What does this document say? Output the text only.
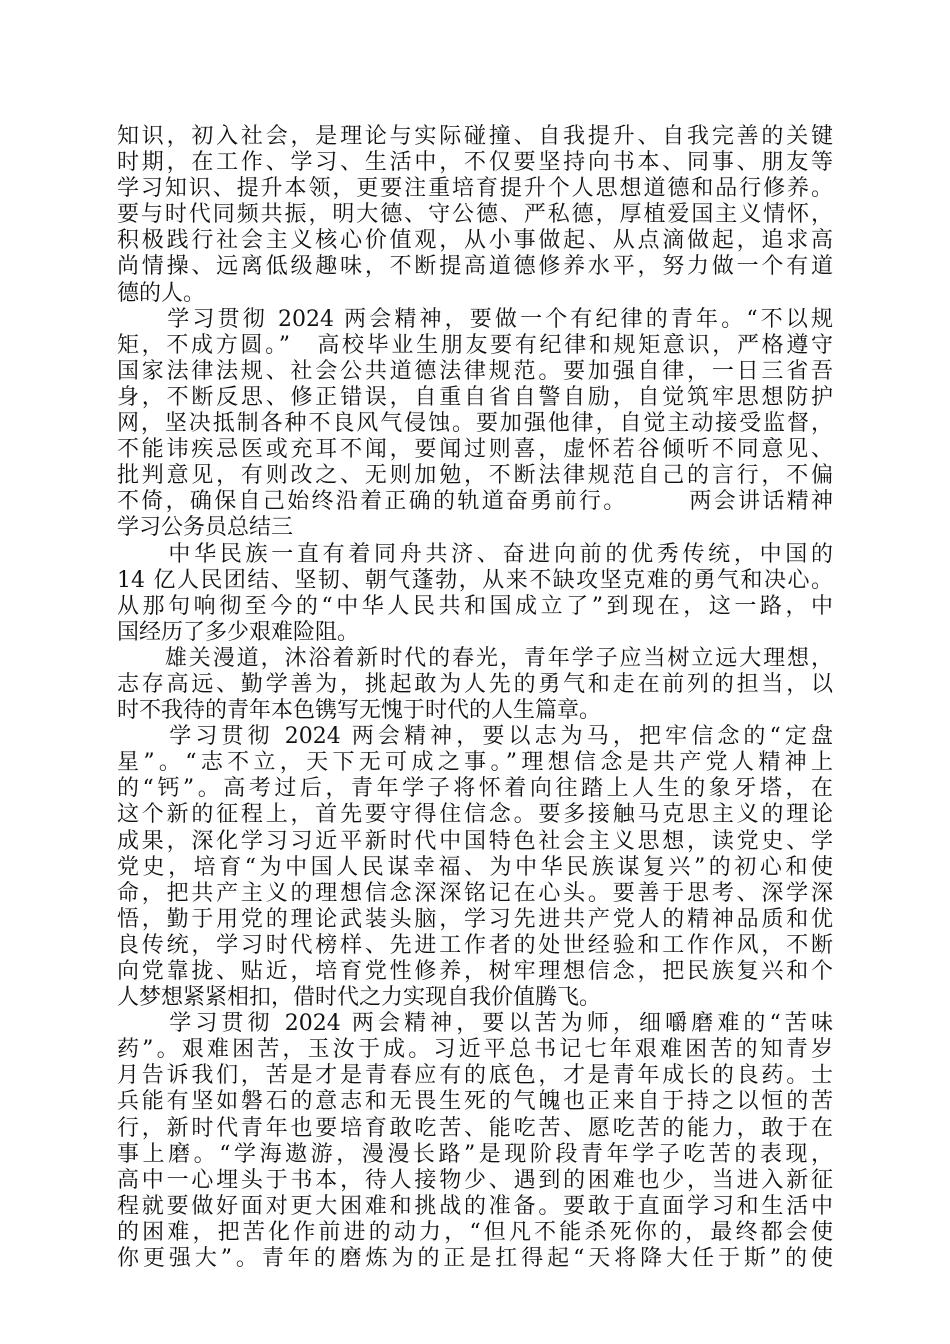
知识，初入社会，是理论与实际碰撞、自我提升、自我完善的关键
时期，在工作、学习、生活中，不仅要坚持向书本、同事、朋友等
学习知识、提升本领，更要注重培育提升个人思想道德和品行修养。
要与时代同频共振，明大德、守公德、严私德，厚植爱国主义情怀，
积极践行社会主义核心价值观，从小事做起、从点滴做起，追求高
尚情操、远离低级趣味，不断提高道德修养水平，努力做一个有道
德的人。
　　学习贯彻 2024 两会精神，要做一个有纪律的青年。“不以规
矩，不成方圆。”　高校毕业生朋友要有纪律和规矩意识，严格遵守
国家法律法规、社会公共道德法律规范。要加强自律，一日三省吾
身，不断反思、修正错误，自重自省自警自励，自觉筑牢思想防护
网，坚决抵制各种不良风气侵蚀。要加强他律，自觉主动接受监督，
不能讳疾忌医或充耳不闻，要闻过则喜，虚怀若谷倾听不同意见、
批判意见，有则改之、无则加勉，不断法律规范自己的言行，不偏
不倚，确保自己始终沿着正确的轨道奋勇前行。　　　两会讲话精神
学习公务员总结三
　　中华民族一直有着同舟共济、奋进向前的优秀传统，中国的
14 亿人民团结、坚韧、朝气蓬勃，从来不缺攻坚克难的勇气和决心。
从那句响彻至今的“中华人民共和国成立了”到现在，这一路，中
国经历了多少艰难险阻。
　　雄关漫道，沐浴着新时代的春光，青年学子应当树立远大理想，
志存高远、勤学善为，挑起敢为人先的勇气和走在前列的担当，以
时不我待的青年本色镌写无愧于时代的人生篇章。
　　学习贯彻 2024 两会精神，要以志为马，把牢信念的“定盘
星”。“志不立，天下无可成之事。”理想信念是共产党人精神上
的“钙”。高考过后，青年学子将怀着向往踏上人生的象牙塔，在
这个新的征程上，首先要守得住信念。要多接触马克思主义的理论
成果，深化学习习近平新时代中国特色社会主义思想，读党史、学
党史，培育“为中国人民谋幸福、为中华民族谋复兴”的初心和使
命，把共产主义的理想信念深深铭记在心头。要善于思考、深学深
悟，勤于用党的理论武装头脑，学习先进共产党人的精神品质和优
良传统，学习时代榜样、先进工作者的处世经验和工作作风，不断
向党靠拢、贴近，培育党性修养，树牢理想信念，把民族复兴和个
人梦想紧紧相扣，借时代之力实现自我价值腾飞。
　　学习贯彻 2024 两会精神，要以苦为师，细嚼磨难的“苦味
药”。艰难困苦，玉汝于成。习近平总书记七年艰难困苦的知青岁
月告诉我们，苦是才是青春应有的底色，才是青年成长的良药。士
兵能有坚如磐石的意志和无畏生死的气魄也正来自于持之以恒的苦
行，新时代青年也要培育敢吃苦、能吃苦、愿吃苦的能力，敢于在
事上磨。“学海遨游，漫漫长路”是现阶段青年学子吃苦的表现，
高中一心埋头于书本，待人接物少、遇到的困难也少，当进入新征
程就要做好面对更大困难和挑战的准备。要敢于直面学习和生活中
的困难，把苦化作前进的动力，“但凡不能杀死你的，最终都会使
你更强大”。青年的磨炼为的正是扛得起“天将降大任于斯”的使
